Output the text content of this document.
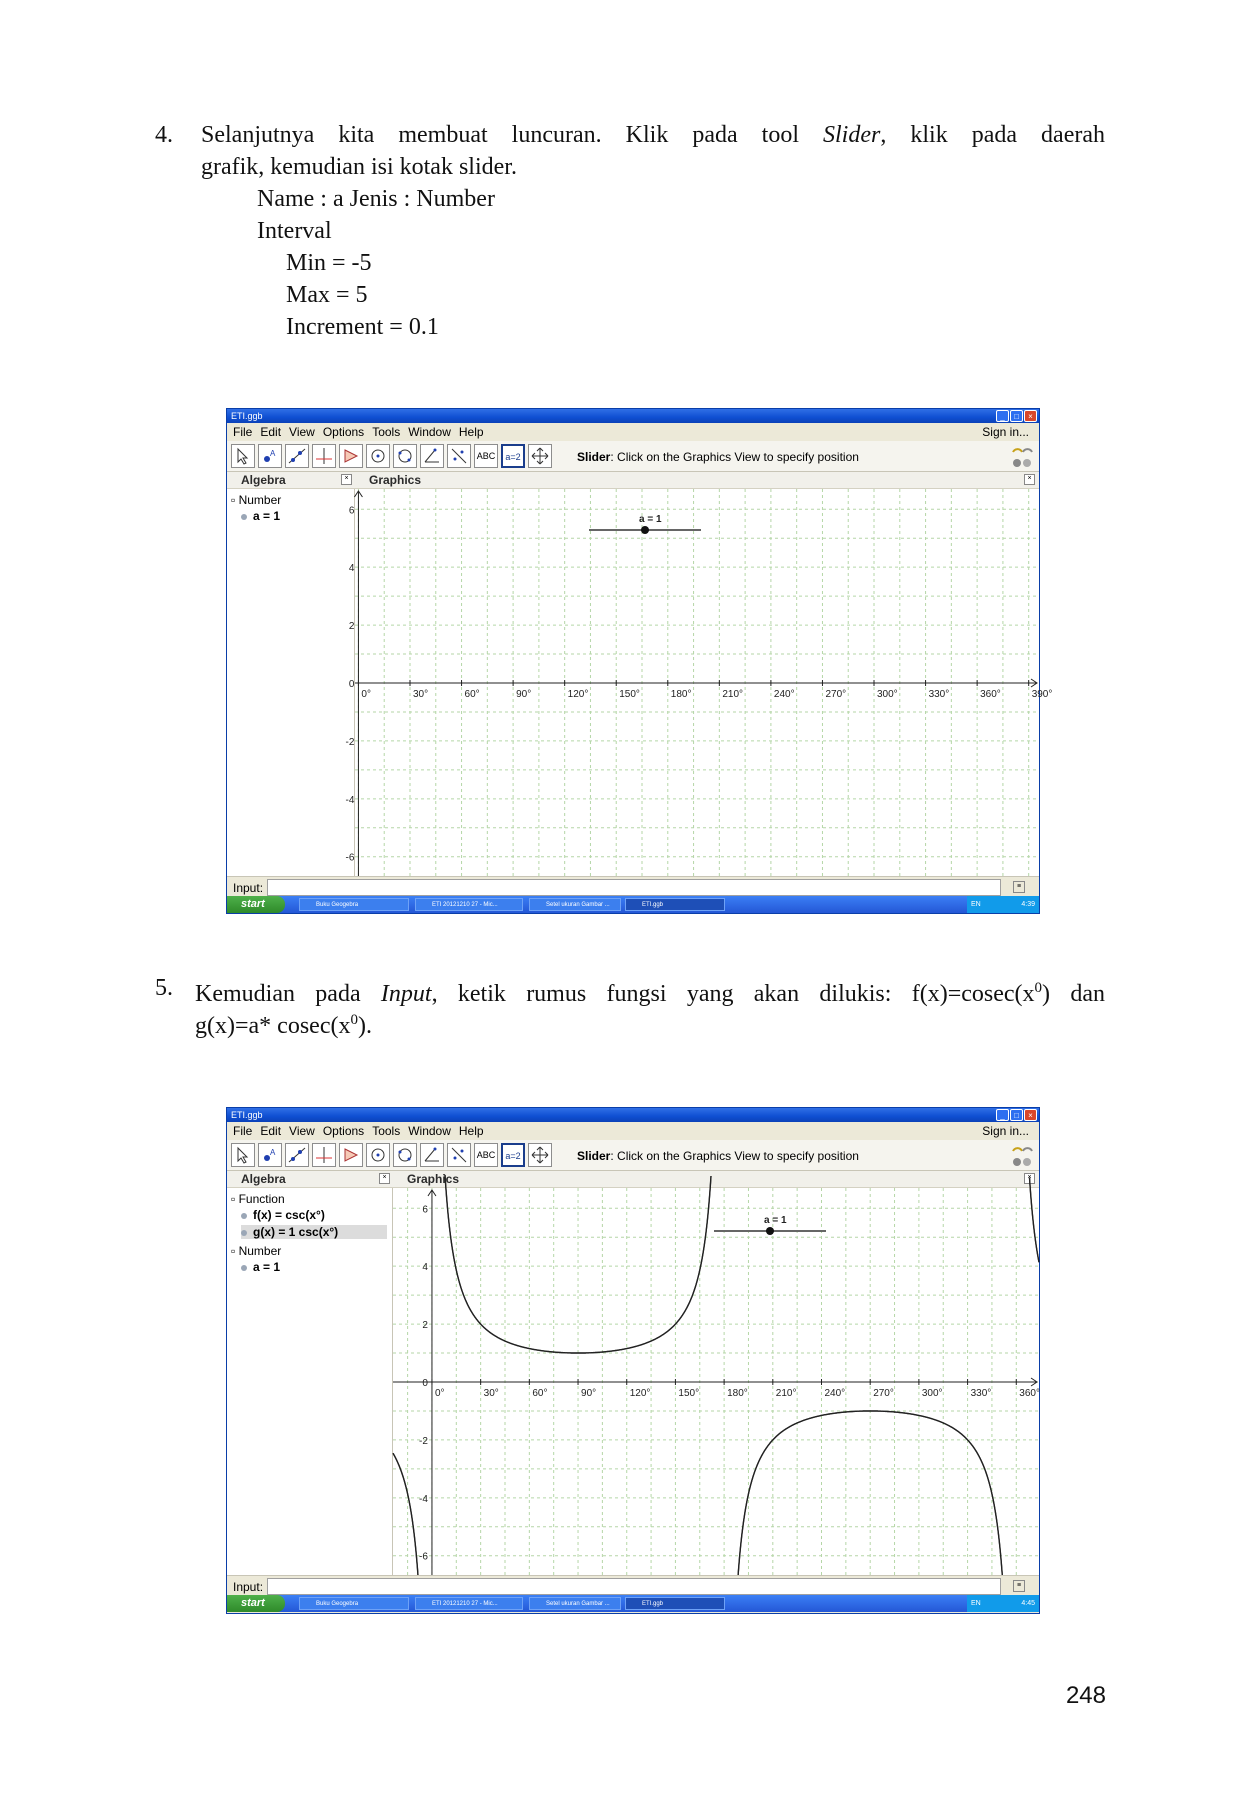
4. Selanjutnya kita membuat luncuran. Klik pada tool Slider, klik pada daerah
grafik, kemudian isi kotak slider.
Name : a Jenis : Number
Interval
Min = -5
Max = 5
Increment = 0.1
ETI.ggb	_	□	×
File Edit View Options Tools Window Help	Sign in...
A	ABC	a=2	Slider: Click on the Graphics View to specify position
Algebra	× Graphics	×
▫ Number
a = 1
0°	30°	60°	90°	120°	150°	180°	210°	240°	270°	300°	330°	360°	390°
6
4
2
0
-2
-4
-6
a = 1
Input:	≡
start	Buku Geogebra	ETI 20121210 27 - Mic...	Setel ukuran Gambar ...	ETI.ggb	EN	4:39
5. Kemudian pada Input, ketik rumus fungsi yang akan dilukis: $f(x)=cosec(x^0)$ dan
g(x)=a* $cosec(x^0)$.
ETI.ggb	_	□	×
File Edit View Options Tools Window Help	Sign in...
A	ABC	a=2	Slider: Click on the Graphics View to specify position
Algebra	× Graphics	×
▫ Function
f(x) = csc(x°)
g(x) = 1 csc(x°)
▫ Number
a = 1
0°	30°	60°	90°	120°	150°	180°	210°	240°	270°	300°	330°	360°
6
4
2
0
-2
-4
-6
a = 1
Input:	≡
start	Buku Geogebra	ETI 20121210 27 - Mic...	Setel ukuran Gambar ...	ETI.ggb	EN	4:45
248
